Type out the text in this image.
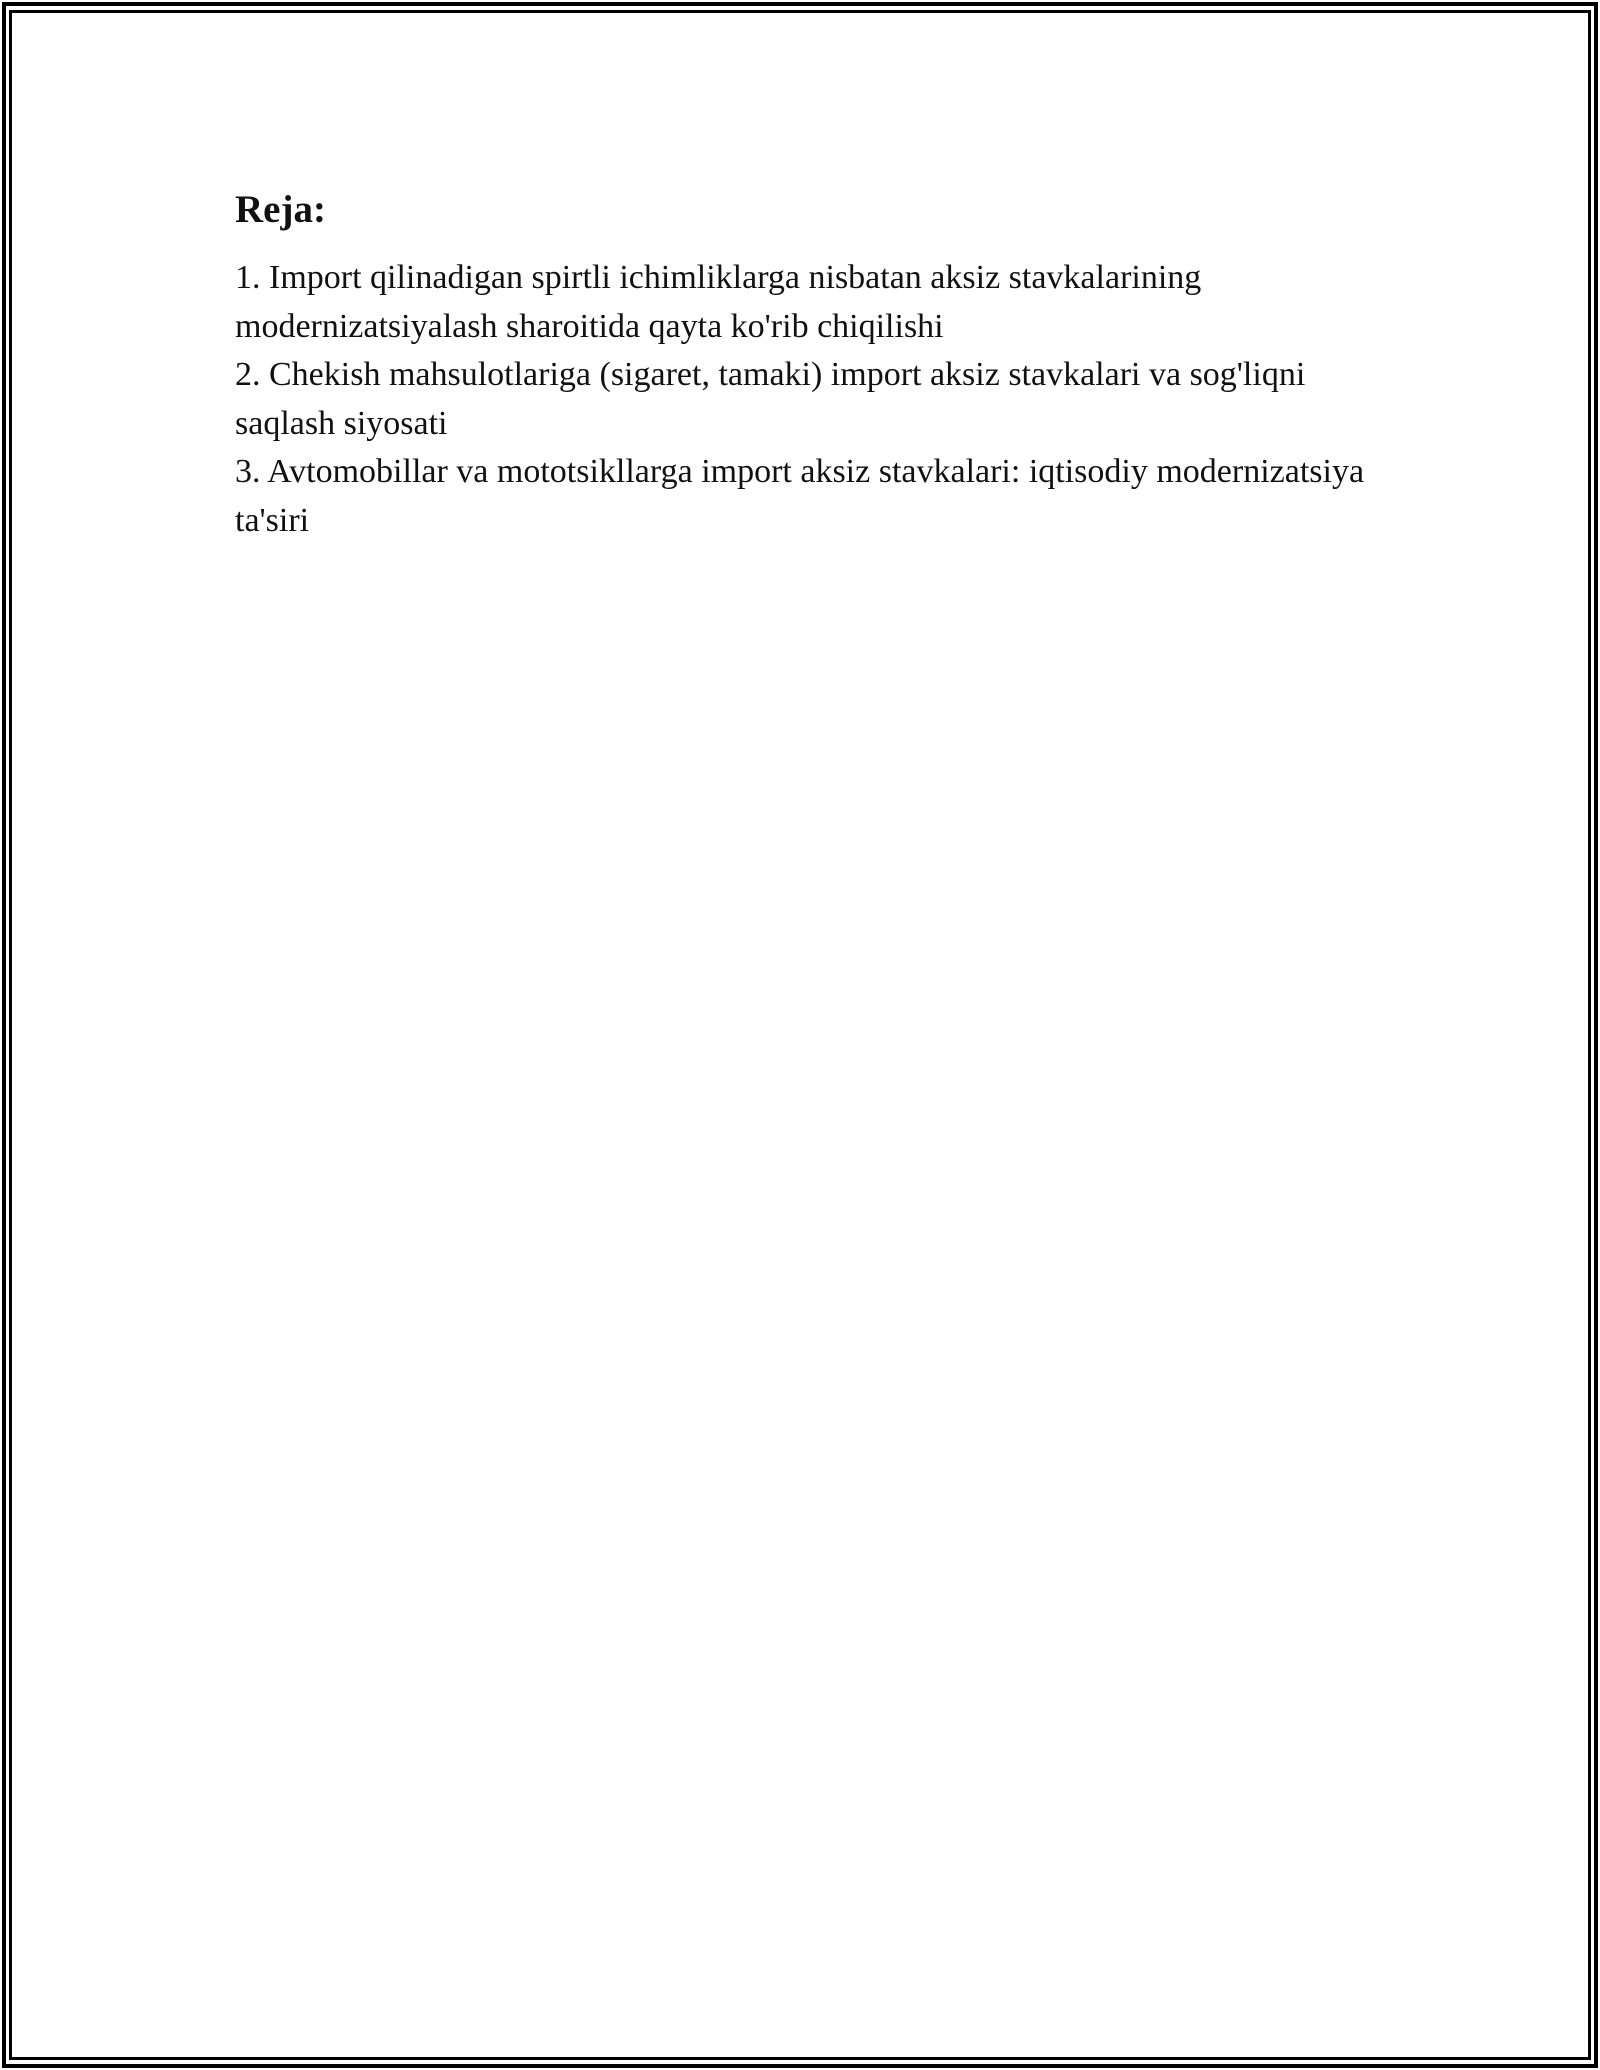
Reja:

1. Import qilinadigan spirtli ichimliklarga nisbatan aksiz stavkalarining modernizatsiyalash sharoitida qayta ko'rib chiqilishi

2. Chekish mahsulotlariga (sigaret, tamaki) import aksiz stavkalari va sog'liqni saqlash siyosati

3. Avtomobillar va mototsikllarga import aksiz stavkalari: iqtisodiy modernizatsiya ta'siri
